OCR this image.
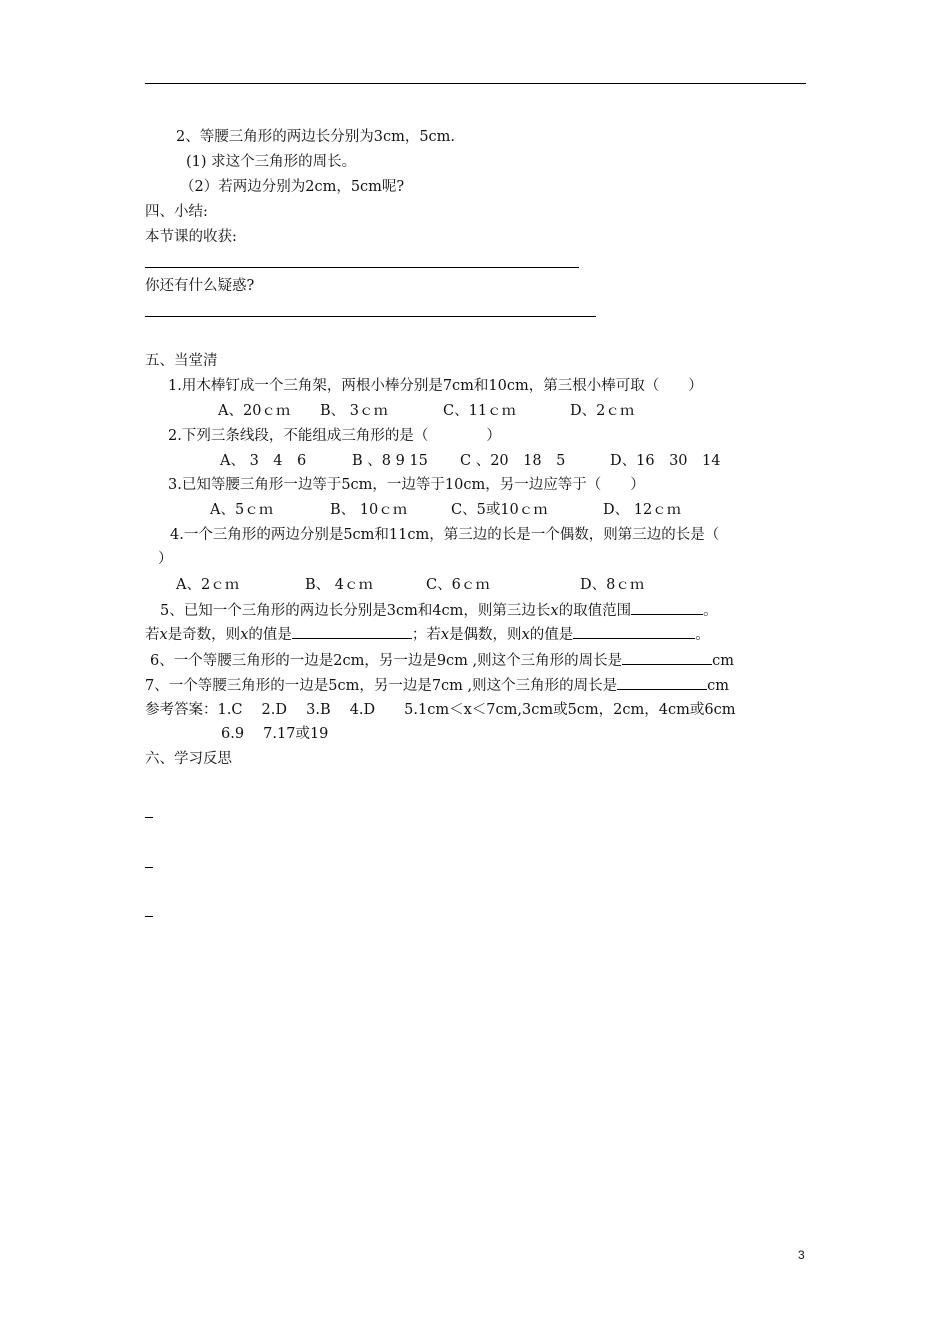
2、等腰三角形的两边长分别为3cm，5cm.
(1) 求这个三角形的周长。
（2）若两边分别为2cm，5cm呢?
四、小结:
本节课的收获:
你还有什么疑惑?
五、当堂清
1.用木棒钉成一个三角架，两根小棒分别是7cm和10cm，第三根小棒可取（　　）
A、20ｃｍ B、 3ｃｍ	C、11ｃｍ	D、2ｃｍ
2.下列三条线段，不能组成三角形的是（　　　　）
A、 3　4　6	B 、8 9 15 C 、20　18　5	D、16　30　14
3.已知等腰三角形一边等于5cm，一边等于10cm，另一边应等于（　　）
A、5ｃｍ	B、 10ｃｍ	C、5或10ｃｍ	D、 12ｃｍ
4.一个三角形的两边分别是5cm和11cm，第三边的长是一个偶数，则第三边的长是（
）
A、2ｃｍ	B、 4ｃｍ	C、6ｃｍ	D、8ｃｍ
5、已知一个三角形的两边长分别是3cm和4cm，则第三边长x的取值范围	。
若x是奇数，则x的值是	；若x是偶数，则x的值是	。
6、一个等腰三角形的一边是2cm，另一边是9cm ,则这个三角形的周长是	cm
7、一个等腰三角形的一边是5cm，另一边是7cm ,则这个三角形的周长是	cm
参考答案：1.C　 2.D　 3.B　 4.D　　5.1cm＜x＜7cm,3cm或5cm，2cm，4cm或6cm
6.9　 7.17或19
六、学习反思
3
